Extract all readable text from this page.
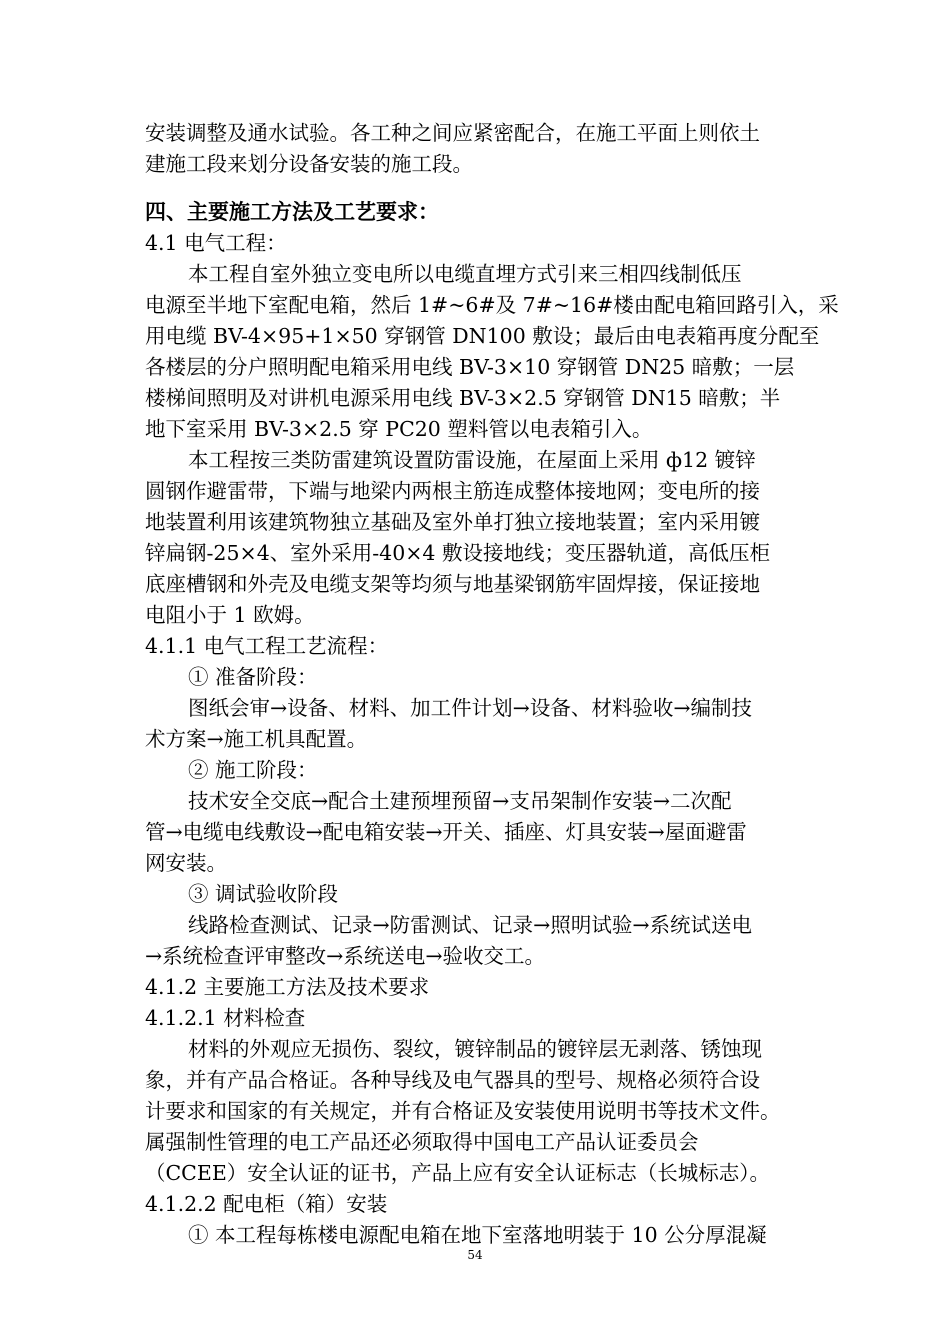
安装调整及通水试验。各工种之间应紧密配合，在施工平面上则依土

建施工段来划分设备安装的施工段。

四、主要施工方法及工艺要求：

4.1 电气工程：

本工程自室外独立变电所以电缆直埋方式引来三相四线制低压

电源至半地下室配电箱，然后 1#~6#及 7#~16#楼由配电箱回路引入，采

用电缆 BV-4×95+1×50 穿钢管 DN100 敷设；最后由电表箱再度分配至

各楼层的分户照明配电箱采用电线 BV-3×10 穿钢管 DN25 暗敷；一层

楼梯间照明及对讲机电源采用电线 BV-3×2.5 穿钢管 DN15 暗敷；半

地下室采用 BV-3×2.5 穿 PC20 塑料管以电表箱引入。

本工程按三类防雷建筑设置防雷设施，在屋面上采用 ф12 镀锌

圆钢作避雷带，下端与地梁内两根主筋连成整体接地网；变电所的接

地装置利用该建筑物独立基础及室外单打独立接地装置；室内采用镀

锌扁钢-25×4、室外采用-40×4 敷设接地线；变压器轨道，高低压柜

底座槽钢和外壳及电缆支架等均须与地基梁钢筋牢固焊接，保证接地

电阻小于 1 欧姆。

4.1.1 电气工程工艺流程：

① 准备阶段：

图纸会审→设备、材料、加工件计划→设备、材料验收→编制技

术方案→施工机具配置。

② 施工阶段：

技术安全交底→配合土建预埋预留→支吊架制作安装→二次配

管→电缆电线敷设→配电箱安装→开关、插座、灯具安装→屋面避雷

网安装。

③ 调试验收阶段

线路检查测试、记录→防雷测试、记录→照明试验→系统试送电

→系统检查评审整改→系统送电→验收交工。

4.1.2 主要施工方法及技术要求

4.1.2.1 材料检查

材料的外观应无损伤、裂纹，镀锌制品的镀锌层无剥落、锈蚀现

象，并有产品合格证。各种导线及电气器具的型号、规格必须符合设

计要求和国家的有关规定，并有合格证及安装使用说明书等技术文件。

属强制性管理的电工产品还必须取得中国电工产品认证委员会

（CCEE）安全认证的证书，产品上应有安全认证标志（长城标志）。

4.1.2.2 配电柜（箱）安装

① 本工程每栋楼电源配电箱在地下室落地明装于 10 公分厚混凝

54
